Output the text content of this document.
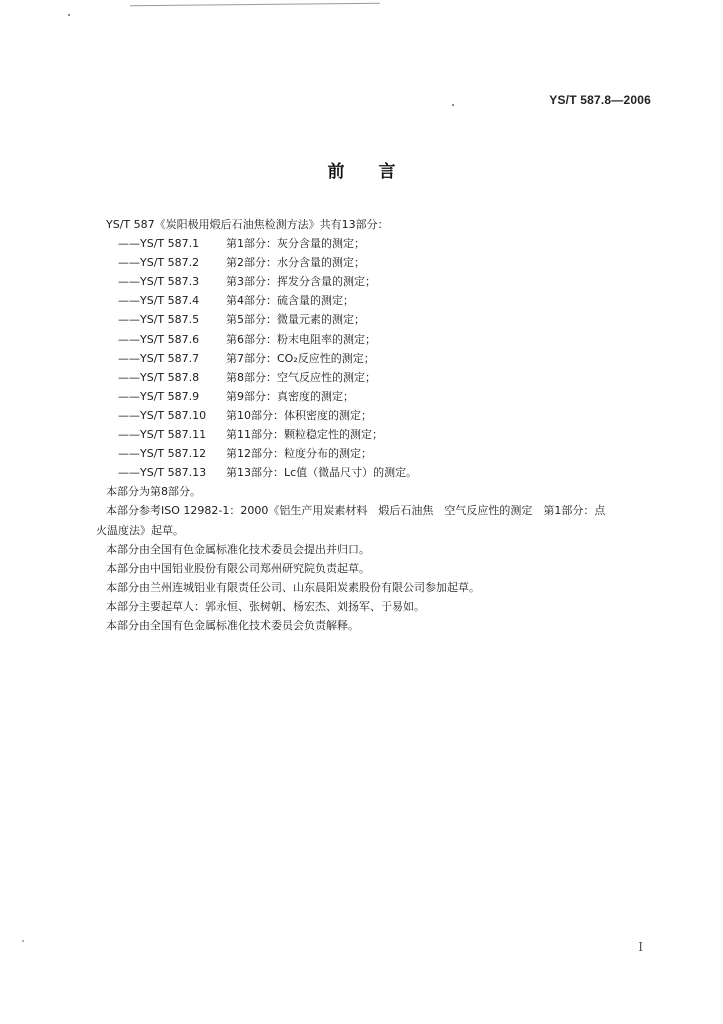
YS/T 587.8—2006
前言
YS/T 587《炭阳极用煅后石油焦检测方法》共有13部分：
——YS/T 587.1 第1部分：灰分含量的测定；
——YS/T 587.2 第2部分：水分含量的测定；
——YS/T 587.3 第3部分：挥发分含量的测定；
——YS/T 587.4 第4部分：硫含量的测定；
——YS/T 587.5 第5部分：微量元素的测定；
——YS/T 587.6 第6部分：粉末电阻率的测定；
——YS/T 587.7 第7部分：CO₂反应性的测定；
——YS/T 587.8 第8部分：空气反应性的测定；
——YS/T 587.9 第9部分：真密度的测定；
——YS/T 587.10 第10部分：体积密度的测定；
——YS/T 587.11 第11部分：颗粒稳定性的测定；
——YS/T 587.12 第12部分：粒度分布的测定；
——YS/T 587.13 第13部分：Lc值（微晶尺寸）的测定。
本部分为第8部分。
本部分参考ISO 12982-1：2000《铝生产用炭素材料　煅后石油焦　空气反应性的测定　第1部分：点
火温度法》起草。
本部分由全国有色金属标准化技术委员会提出并归口。
本部分由中国铝业股份有限公司郑州研究院负责起草。
本部分由兰州连城铝业有限责任公司、山东晨阳炭素股份有限公司参加起草。
本部分主要起草人：郭永恒、张树朝、杨宏杰、刘扬军、于易如。
本部分由全国有色金属标准化技术委员会负责解释。
I
